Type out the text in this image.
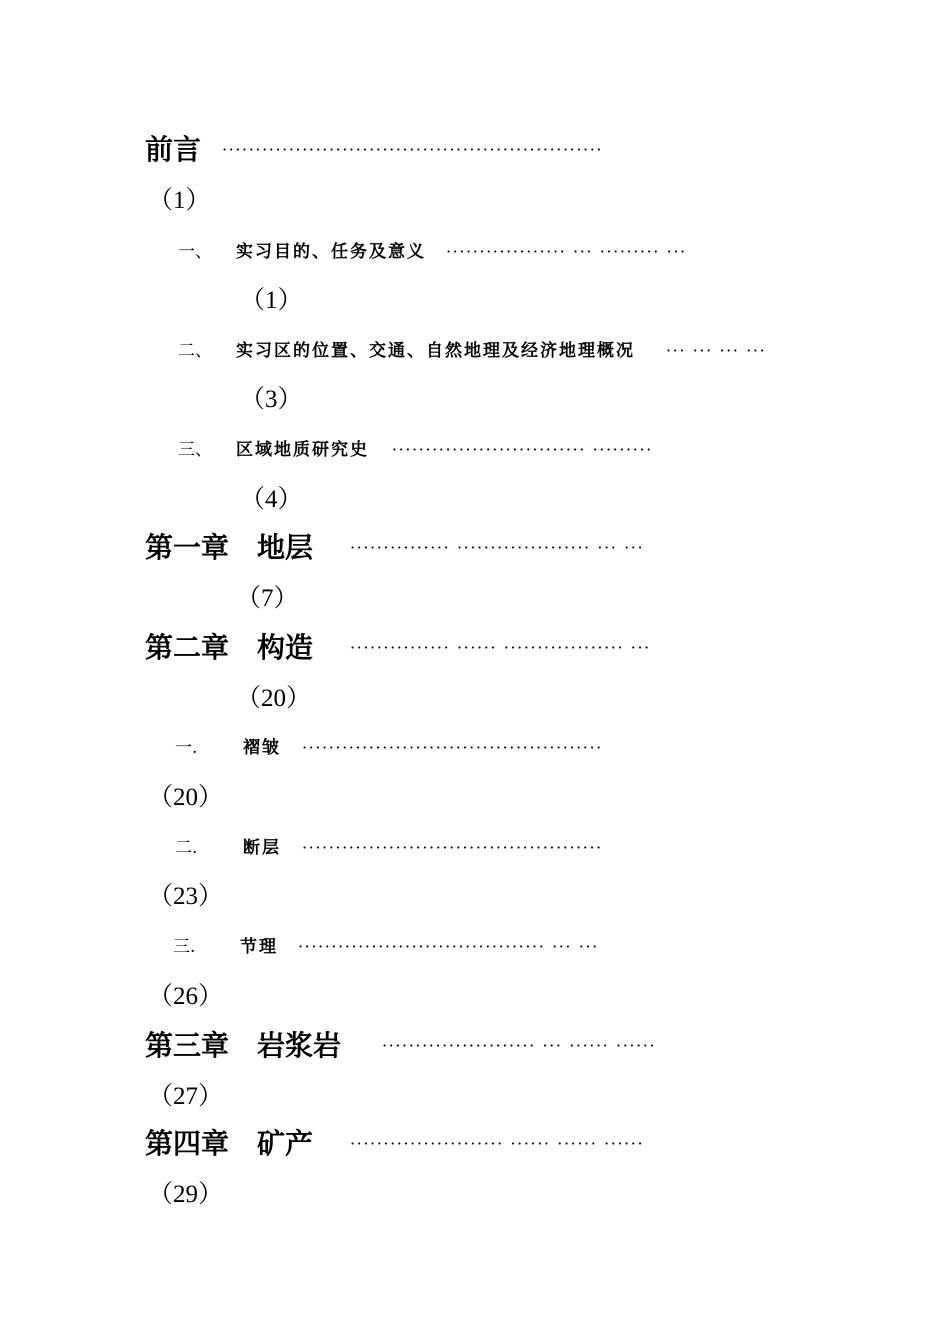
前言 ·························································
（1）
一、 实习目的、任务及意义 ·················· ··· ········· ···
（1）
二、 实习区的位置、交通、自然地理及经济地理概况 ··· ··· ··· ···
（3）
三、 区域地质研究史 ····························· ·········
（4）
第一章　地层 ··············· ···················· ··· ···
（7）
第二章　构造 ··············· ······ ·················· ···
（20）
一.	褶皱 ·············································
（20）
二.	断层 ·············································
（23）
三.	节理 ····································· ··· ···
（26）
第三章　岩浆岩	······················· ··· ······ ······
（27）
第四章　矿产 ······················· ······ ······ ······
（29）
